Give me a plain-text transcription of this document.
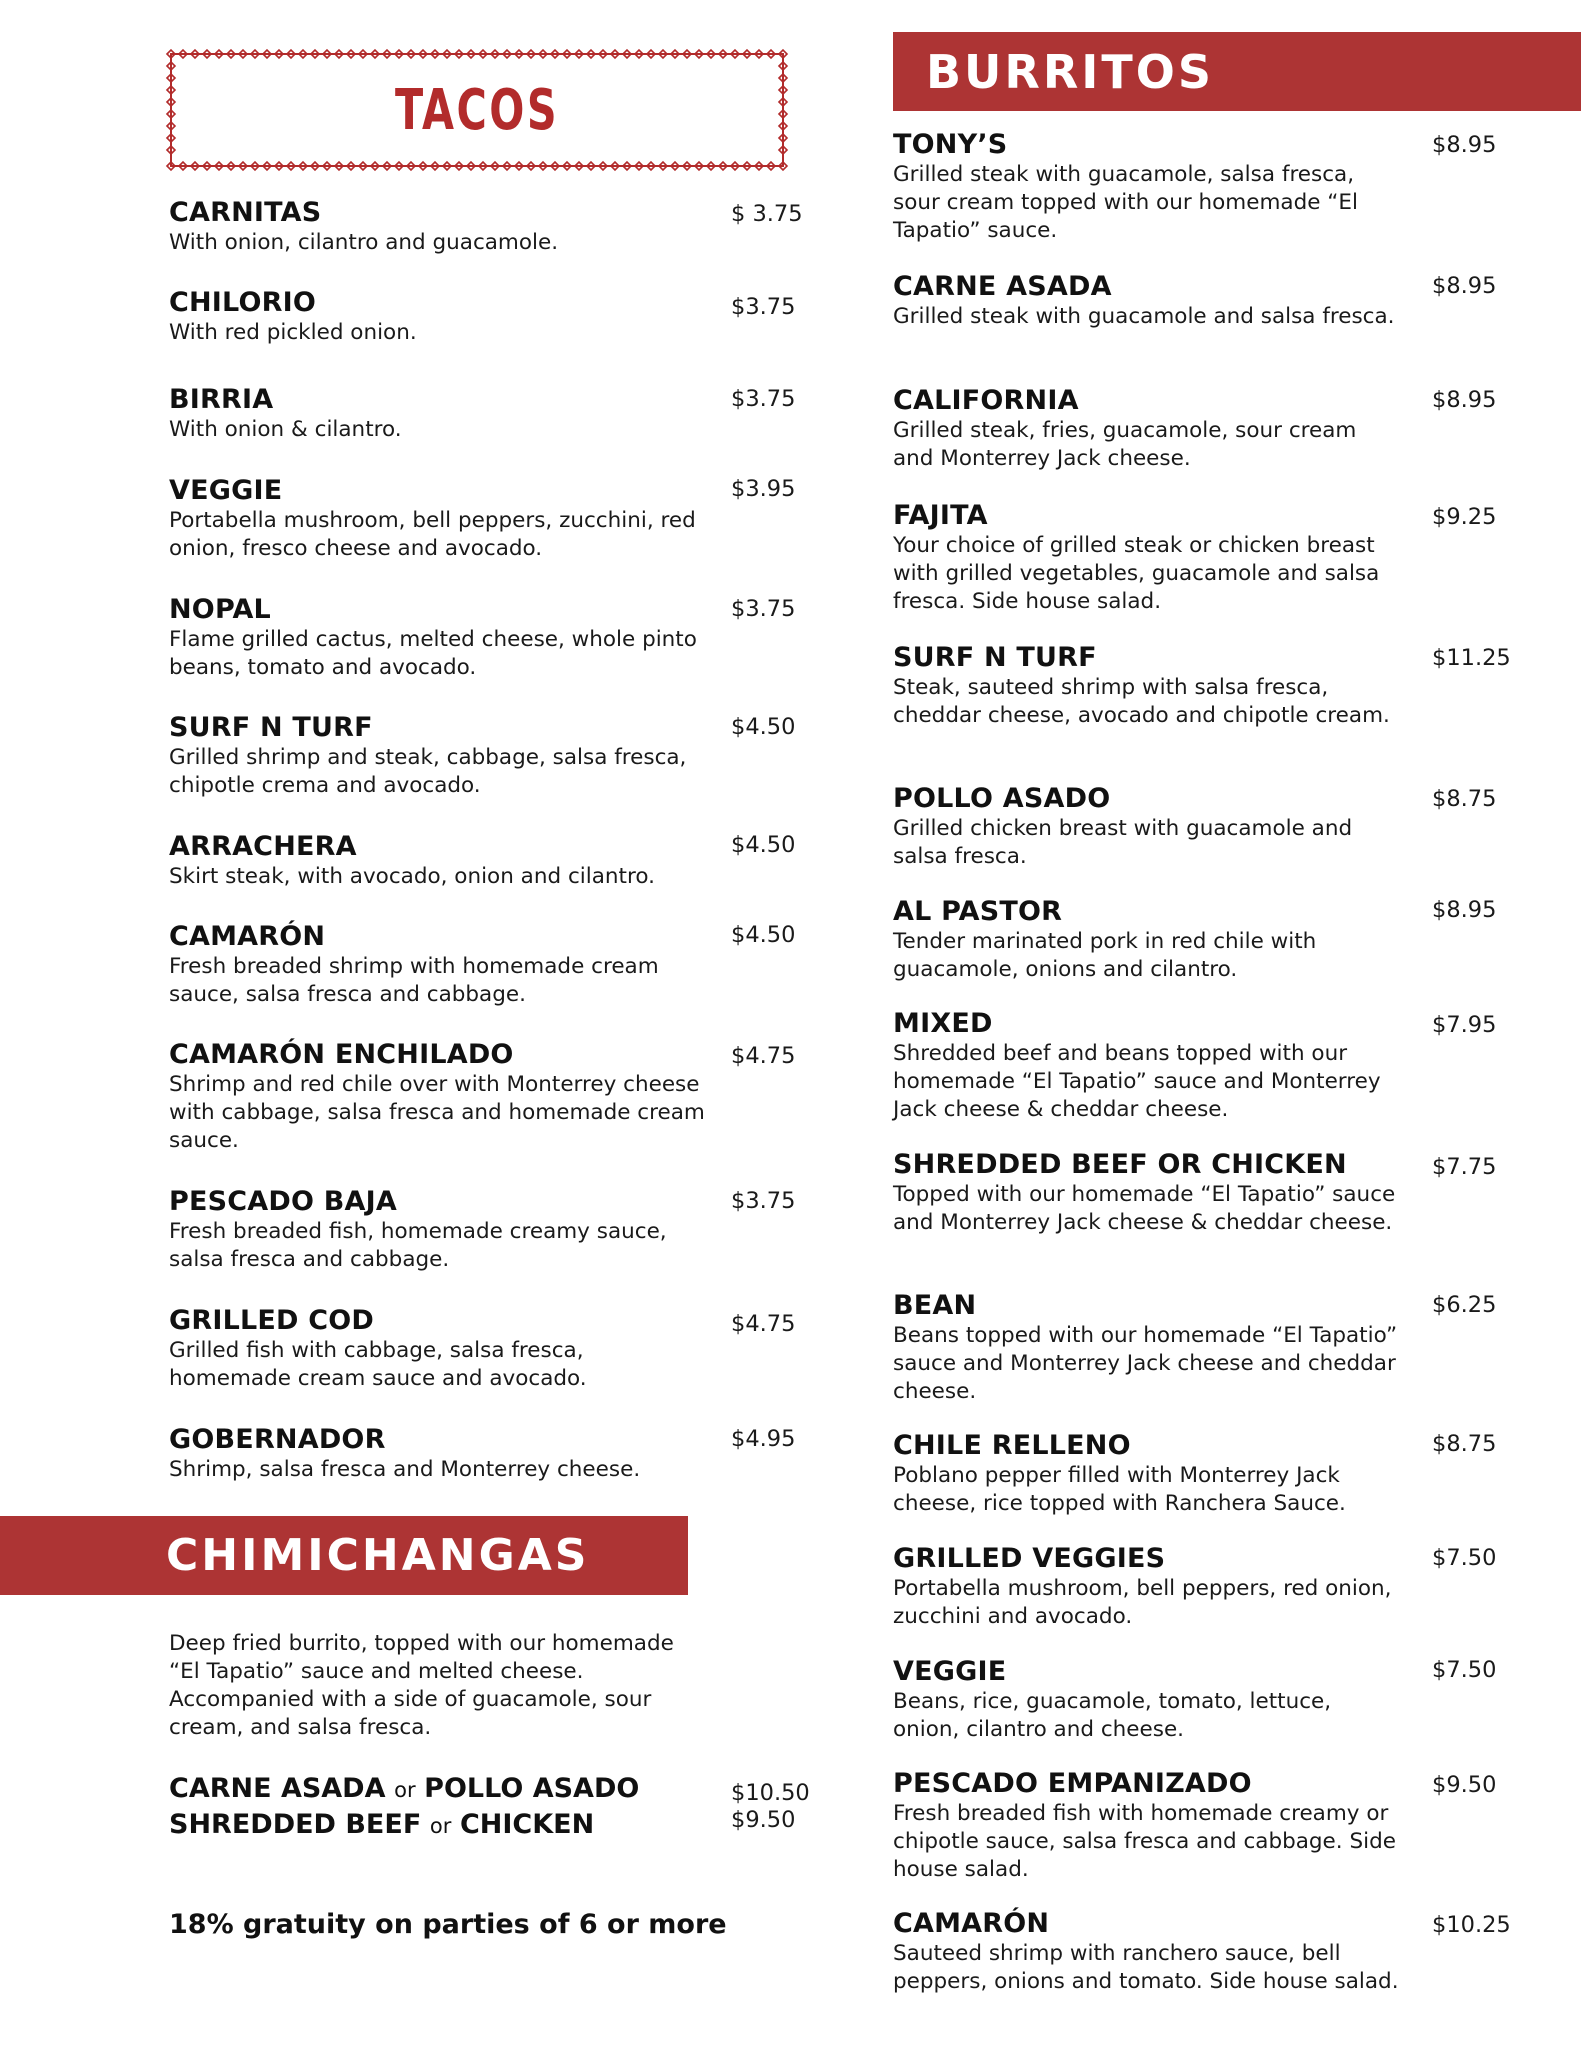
TACOS
CARNITAS
With onion, cilantro and guacamole.
$ 3.75
CHILORIO
With red pickled onion.
$3.75
BIRRIA
With onion & cilantro.
$3.75
VEGGIE
Portabella mushroom, bell peppers, zucchini, red onion, fresco cheese and avocado.
$3.95
NOPAL
Flame grilled cactus, melted cheese, whole pinto beans, tomato and avocado.
$3.75
SURF N TURF
Grilled shrimp and steak, cabbage, salsa fresca, chipotle crema and avocado.
$4.50
ARRACHERA
Skirt steak, with avocado, onion and cilantro.
$4.50
CAMARÓN
Fresh breaded shrimp with homemade cream sauce, salsa fresca and cabbage.
$4.50
CAMARÓN ENCHILADO
Shrimp and red chile over with Monterrey cheese with cabbage, salsa fresca and homemade cream sauce.
$4.75
PESCADO BAJA
Fresh breaded fish, homemade creamy sauce, salsa fresca and cabbage.
$3.75
GRILLED COD
Grilled fish with cabbage, salsa fresca, homemade cream sauce and avocado.
$4.75
GOBERNADOR
Shrimp, salsa fresca and Monterrey cheese.
$4.95
CHIMICHANGAS
Deep fried burrito, topped with our homemade “El Tapatio” sauce and melted cheese. Accompanied with a side of guacamole, sour cream, and salsa fresca.
CARNE ASADA or POLLO ASADO	$10.50
SHREDDED BEEF or CHICKEN	$9.50
18% gratuity on parties of 6 or more
BURRITOS
TONY’S
Grilled steak with guacamole, salsa fresca, sour cream topped with our homemade “El Tapatio” sauce.
$8.95
CARNE ASADA
Grilled steak with guacamole and salsa fresca.
$8.95
CALIFORNIA
Grilled steak, fries, guacamole, sour cream and Monterrey Jack cheese.
$8.95
FAJITA
Your choice of grilled steak or chicken breast with grilled vegetables, guacamole and salsa fresca. Side house salad.
$9.25
SURF N TURF
Steak, sauteed shrimp with salsa fresca, cheddar cheese, avocado and chipotle cream.
$11.25
POLLO ASADO
Grilled chicken breast with guacamole and salsa fresca.
$8.75
AL PASTOR
Tender marinated pork in red chile with guacamole, onions and cilantro.
$8.95
MIXED
Shredded beef and beans topped with our homemade “El Tapatio” sauce and Monterrey Jack cheese & cheddar cheese.
$7.95
SHREDDED BEEF OR CHICKEN
Topped with our homemade “El Tapatio” sauce and Monterrey Jack cheese & cheddar cheese.
$7.75
BEAN
Beans topped with our homemade “El Tapatio” sauce and Monterrey Jack cheese and cheddar cheese.
$6.25
CHILE RELLENO
Poblano pepper filled with Monterrey Jack cheese, rice topped with Ranchera Sauce.
$8.75
GRILLED VEGGIES
Portabella mushroom, bell peppers, red onion, zucchini and avocado.
$7.50
VEGGIE
Beans, rice, guacamole, tomato, lettuce, onion, cilantro and cheese.
$7.50
PESCADO EMPANIZADO
Fresh breaded fish with homemade creamy or chipotle sauce, salsa fresca and cabbage. Side house salad.
$9.50
CAMARÓN
Sauteed shrimp with ranchero sauce, bell peppers, onions and tomato. Side house salad.
$10.25
